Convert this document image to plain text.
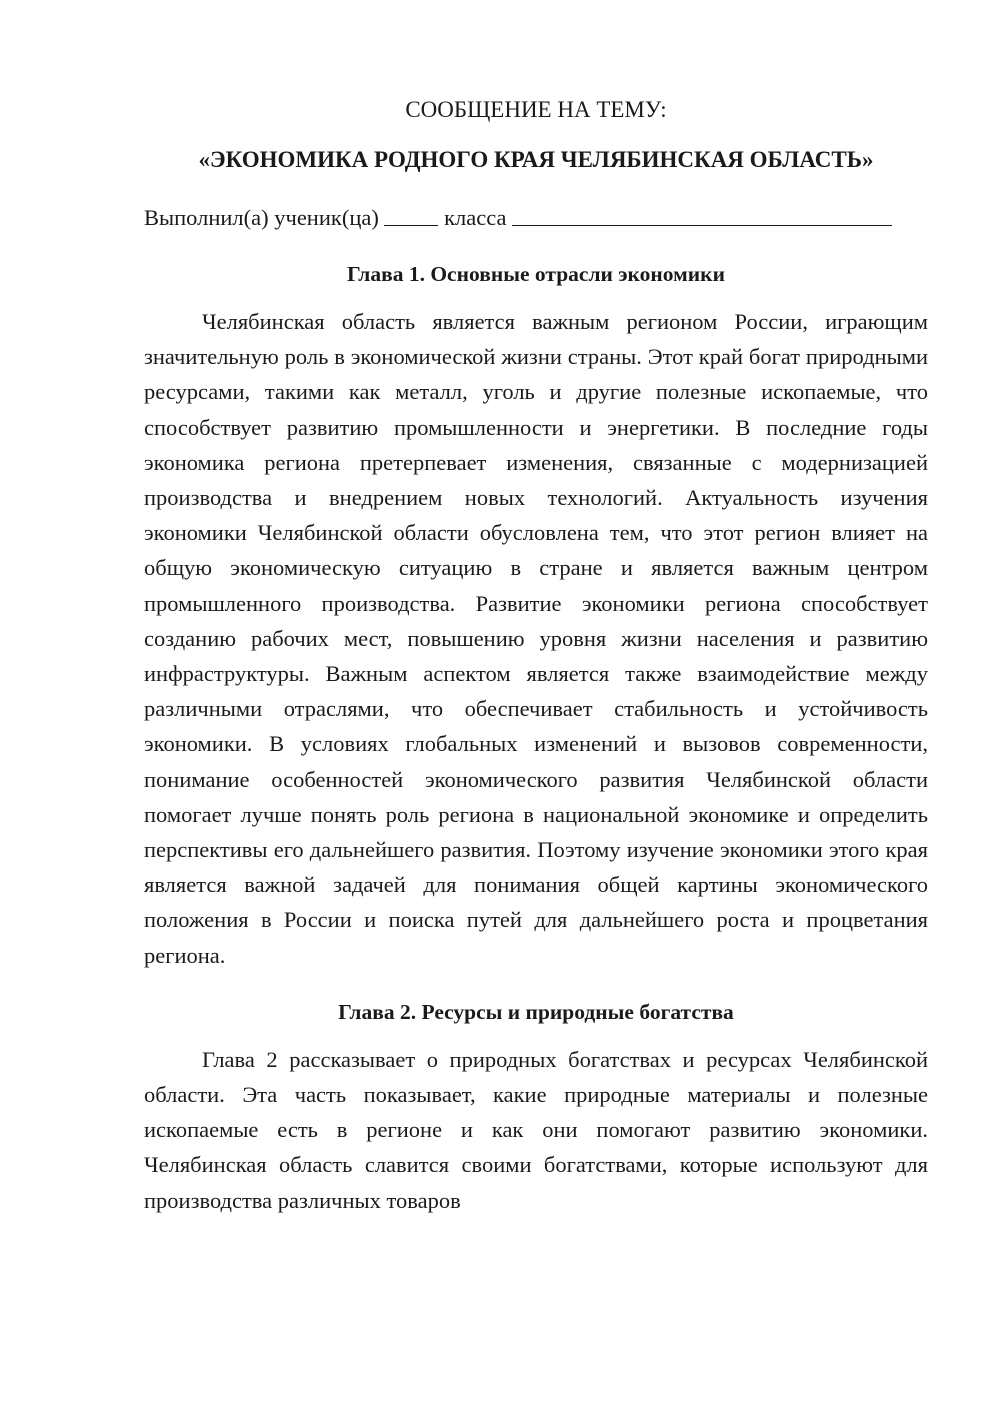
СООБЩЕНИЕ НА ТЕМУ:

«ЭКОНОМИКА РОДНОГО КРАЯ ЧЕЛЯБИНСКАЯ ОБЛАСТЬ»

Выполнил(а) ученик(ца)	класса

Глава 1. Основные отрасли экономики

Челябинская область является важным регионом России, играющим значительную роль в экономической жизни страны. Этот край богат природными ресурсами, такими как металл, уголь и другие полезные ископаемые, что способствует развитию промышленности и энергетики. В последние годы экономика региона претерпевает изменения, связанные с модернизацией производства и внедрением новых технологий. Актуальность изучения экономики Челябинской области обусловлена тем, что этот регион влияет на общую экономическую ситуацию в стране и является важным центром промышленного производства. Развитие экономики региона способствует созданию рабочих мест, повышению уровня жизни населения и развитию инфраструктуры. Важным аспектом является также взаимодействие между различными отраслями, что обеспечивает стабильность и устойчивость экономики. В условиях глобальных изменений и вызовов современности, понимание особенностей экономического развития Челябинской области помогает лучше понять роль региона в национальной экономике и определить перспективы его дальнейшего развития. Поэтому изучение экономики этого края является важной задачей для понимания общей картины экономического положения в России и поиска путей для дальнейшего роста и процветания региона.

Глава 2. Ресурсы и природные богатства

Глава 2 рассказывает о природных богатствах и ресурсах Челябинской области. Эта часть показывает, какие природные материалы и полезные ископаемые есть в регионе и как они помогают развитию экономики. Челябинская область славится своими богатствами, которые используют для производства различных товаров
